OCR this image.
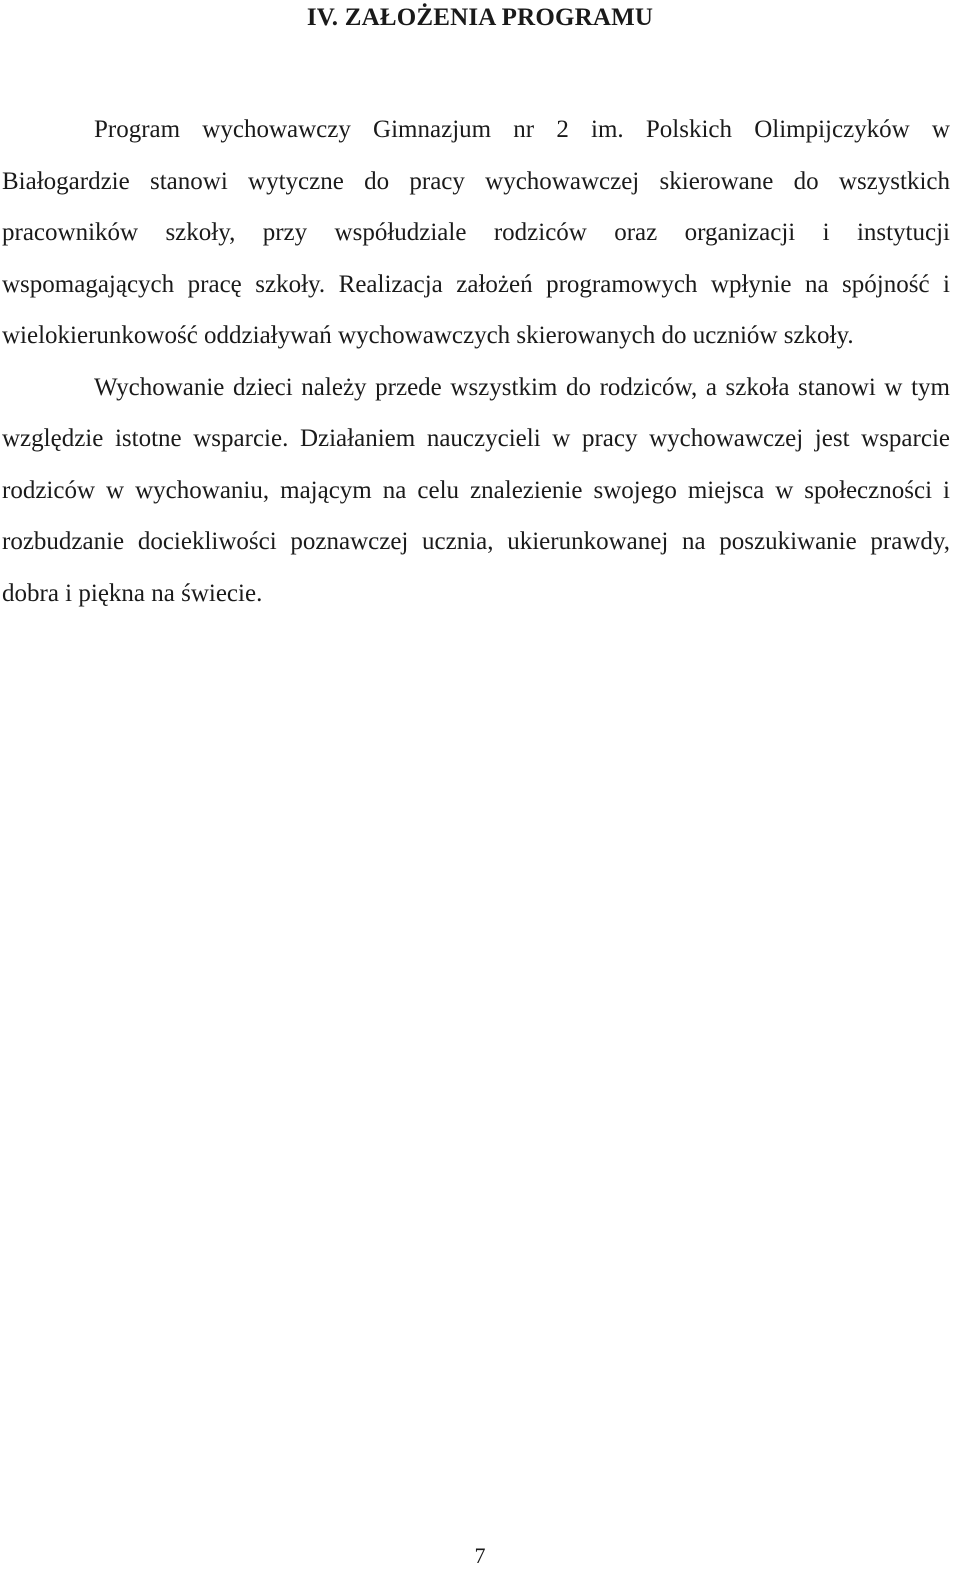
IV. ZAŁOŻENIA PROGRAMU

Program wychowawczy Gimnazjum nr 2 im. Polskich Olimpijczyków w Białogardzie stanowi wytyczne do pracy wychowawczej skierowane do wszystkich pracowników szkoły, przy współudziale rodziców oraz organizacji i instytucji wspomagających pracę szkoły. Realizacja założeń programowych wpłynie na spójność i wielokierunkowość oddziaływań wychowawczych skierowanych do uczniów szkoły.

Wychowanie dzieci należy przede wszystkim do rodziców, a szkoła stanowi w tym względzie istotne wsparcie. Działaniem nauczycieli w pracy wychowawczej jest wsparcie rodziców w wychowaniu, mającym na celu znalezienie swojego miejsca w społeczności i rozbudzanie dociekliwości poznawczej ucznia, ukierunkowanej na poszukiwanie prawdy, dobra i piękna na świecie.

7
